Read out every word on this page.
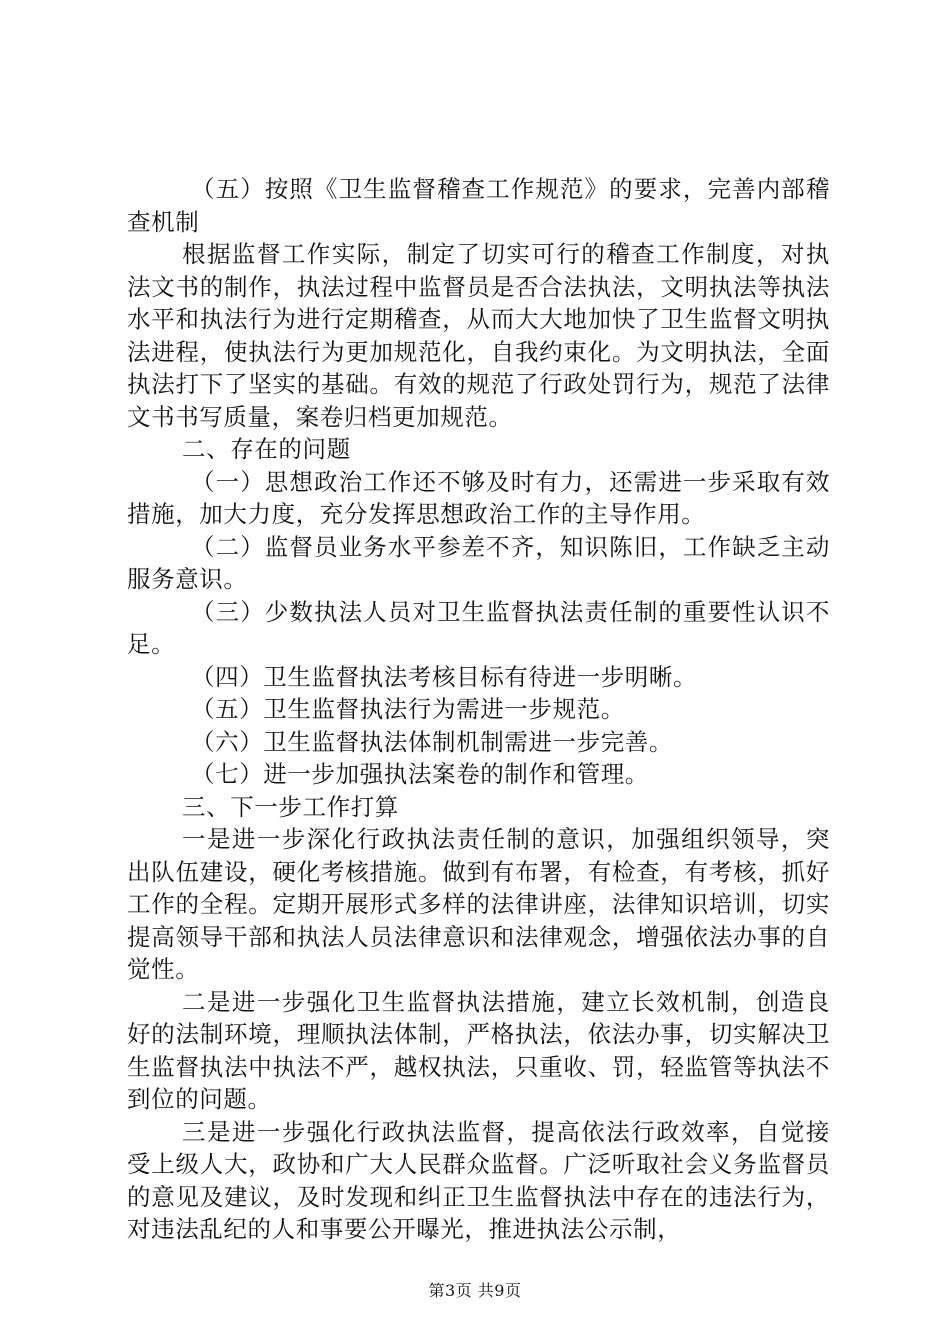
（五）按照《卫生监督稽查工作规范》的要求，完善内部稽查机制

根据监督工作实际，制定了切实可行的稽查工作制度，对执法文书的制作，执法过程中监督员是否合法执法，文明执法等执法水平和执法行为进行定期稽查，从而大大地加快了卫生监督文明执法进程，使执法行为更加规范化，自我约束化。为文明执法，全面执法打下了坚实的基础。有效的规范了行政处罚行为，规范了法律文书书写质量，案卷归档更加规范。

二、存在的问题

（一）思想政治工作还不够及时有力，还需进一步采取有效措施，加大力度，充分发挥思想政治工作的主导作用。

（二）监督员业务水平参差不齐，知识陈旧，工作缺乏主动服务意识。

（三）少数执法人员对卫生监督执法责任制的重要性认识不足。

（四）卫生监督执法考核目标有待进一步明晰。

（五）卫生监督执法行为需进一步规范。

（六）卫生监督执法体制机制需进一步完善。

（七）进一步加强执法案卷的制作和管理。

三、下一步工作打算

一是进一步深化行政执法责任制的意识，加强组织领导，突出队伍建设，硬化考核措施。做到有布署，有检查，有考核，抓好工作的全程。定期开展形式多样的法律讲座，法律知识培训，切实提高领导干部和执法人员法律意识和法律观念，增强依法办事的自觉性。

二是进一步强化卫生监督执法措施，建立长效机制，创造良好的法制环境，理顺执法体制，严格执法，依法办事，切实解决卫生监督执法中执法不严，越权执法，只重收、罚，轻监管等执法不到位的问题。

三是进一步强化行政执法监督，提高依法行政效率，自觉接受上级人大，政协和广大人民群众监督。广泛听取社会义务监督员的意见及建议，及时发现和纠正卫生监督执法中存在的违法行为，对违法乱纪的人和事要公开曝光，推进执法公示制，

第3页 共9页
